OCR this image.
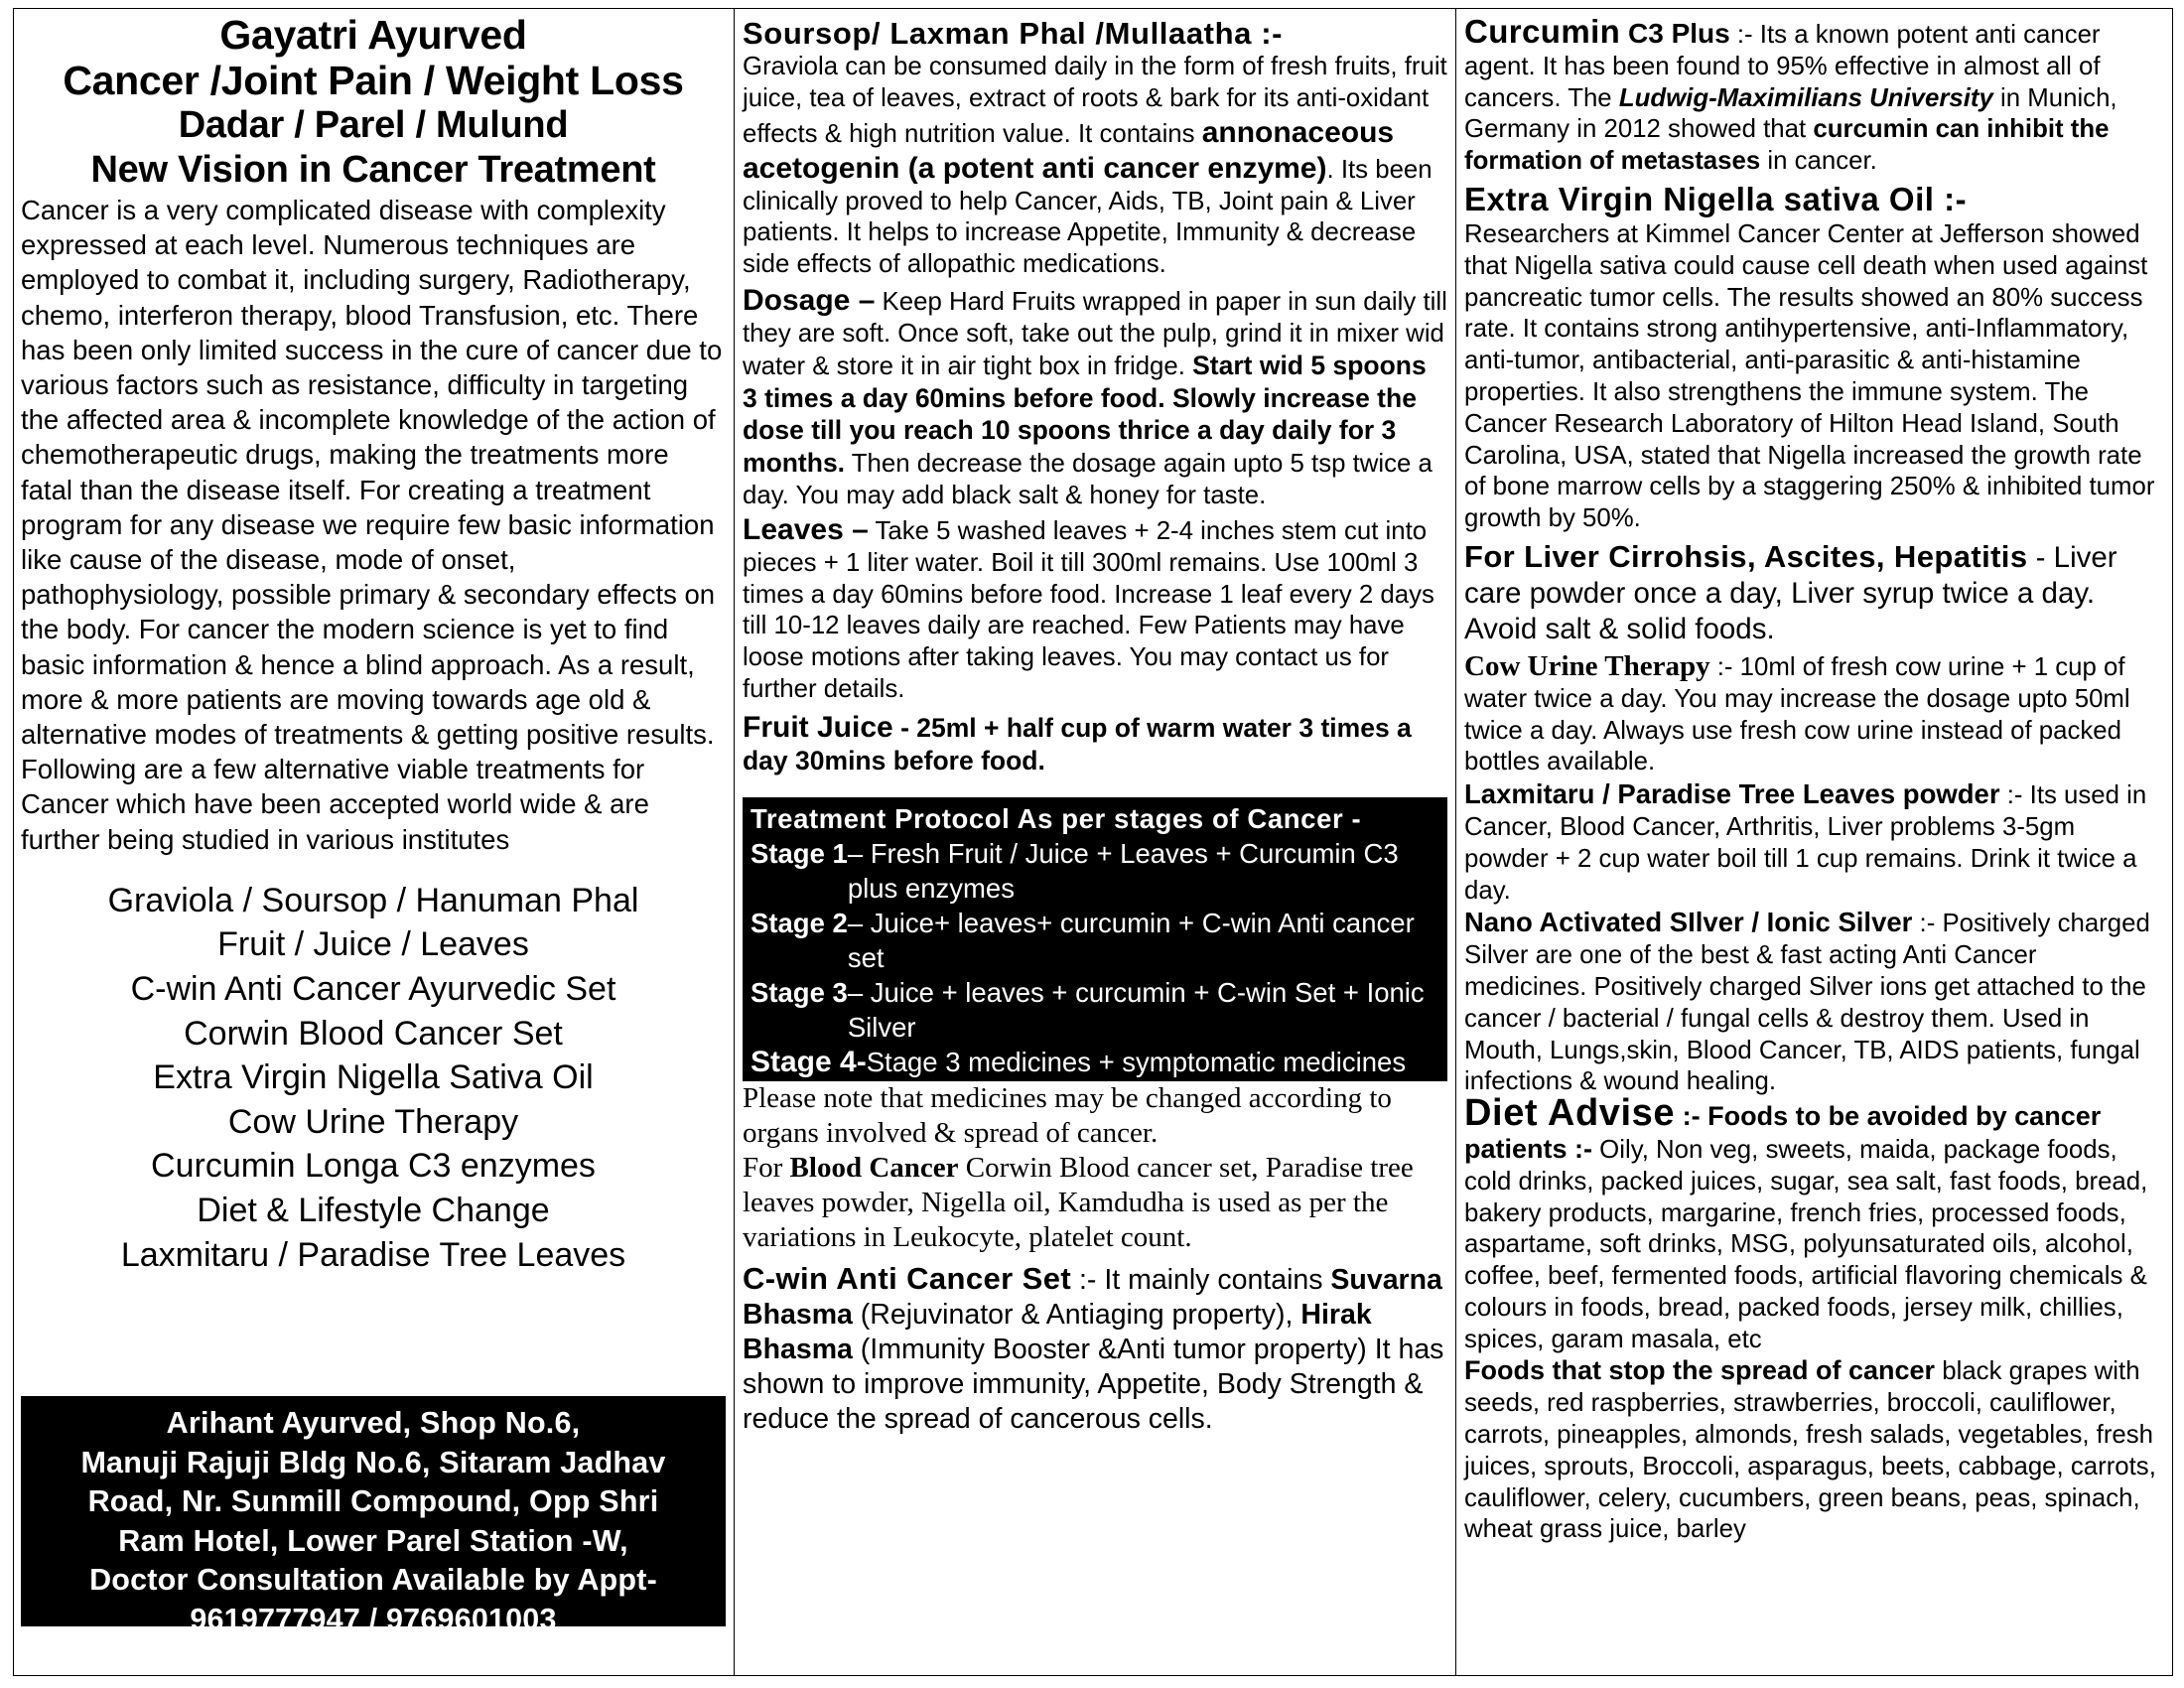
Gayatri Ayurved
Cancer /Joint Pain / Weight Loss
Dadar / Parel / Mulund
New Vision in Cancer Treatment
Cancer is a very complicated disease with complexity expressed at each level. Numerous techniques are employed to combat it, including surgery, Radiotherapy, chemo, interferon therapy, blood Transfusion, etc. There has been only limited success in the cure of cancer due to various factors such as resistance, difficulty in targeting the affected area & incomplete knowledge of the action of chemotherapeutic drugs, making the treatments more fatal than the disease itself. For creating a treatment program for any disease we require few basic information like cause of the disease, mode of onset, pathophysiology, possible primary & secondary effects on the body. For cancer the modern science is yet to find basic information & hence a blind approach. As a result, more & more patients are moving towards age old & alternative modes of treatments & getting positive results. Following are a few alternative viable treatments for Cancer which have been accepted world wide & are further being studied in various institutes
Graviola / Soursop / Hanuman Phal
Fruit / Juice / Leaves
C-win Anti Cancer Ayurvedic Set
Corwin Blood Cancer Set
Extra Virgin Nigella Sativa Oil
Cow Urine Therapy
Curcumin Longa C3 enzymes
Diet & Lifestyle Change
Laxmitaru / Paradise Tree Leaves
Arihant Ayurved, Shop No.6,
Manuji Rajuji Bldg No.6, Sitaram Jadhav
Road, Nr. Sunmill Compound, Opp Shri
Ram Hotel, Lower Parel Station -W,
Doctor Consultation Available by Appt-
9619777947 / 9769601003
Soursop/ Laxman Phal /Mullaatha :-

Graviola can be consumed daily in the form of fresh fruits, fruit juice, tea of leaves, extract of roots & bark for its anti-oxidant effects & high nutrition value. It contains annonaceous acetogenin (a potent anti cancer enzyme). Its been clinically proved to help Cancer, Aids, TB, Joint pain & Liver patients. It helps to increase Appetite, Immunity & decrease side effects of allopathic medications.

Dosage – Keep Hard Fruits wrapped in paper in sun daily till they are soft. Once soft, take out the pulp, grind it in mixer wid water & store it in air tight box in fridge. Start wid 5 spoons 3 times a day 60mins before food. Slowly increase the dose till you reach 10 spoons thrice a day daily for 3 months. Then decrease the dosage again upto 5 tsp twice a day. You may add black salt & honey for taste.

Leaves – Take 5 washed leaves + 2-4 inches stem cut into pieces + 1 liter water. Boil it till 300ml remains. Use 100ml 3 times a day 60mins before food. Increase 1 leaf every 2 days till 10-12 leaves daily are reached. Few Patients may have loose motions after taking leaves. You may contact us for further details.

Fruit Juice - 25ml + half cup of warm water 3 times a day 30mins before food.

Treatment Protocol As per stages of Cancer -
Stage 1 – Fresh Fruit / Juice + Leaves + Curcumin C3 plus enzymes
Stage 2 – Juice+ leaves+ curcumin + C-win Anti cancer set
Stage 3 – Juice + leaves + curcumin + C-win Set + Ionic Silver
Stage 4- Stage 3 medicines + symptomatic medicines

Please note that medicines may be changed according to organs involved & spread of cancer.

For Blood Cancer Corwin Blood cancer set, Paradise tree leaves powder, Nigella oil, Kamdudha is used as per the variations in Leukocyte, platelet count.

C-win Anti Cancer Set :- It mainly contains Suvarna Bhasma (Rejuvinator & Antiaging property), Hirak Bhasma (Immunity Booster &Anti tumor property) It has shown to improve immunity, Appetite, Body Strength & reduce the spread of cancerous cells.

Curcumin C3 Plus :- Its a known potent anti cancer agent. It has been found to 95% effective in almost all of cancers. The Ludwig-Maximilians University in Munich, Germany in 2012 showed that curcumin can inhibit the formation of metastases in cancer.

Extra Virgin Nigella sativa Oil :-

Researchers at Kimmel Cancer Center at Jefferson showed that Nigella sativa could cause cell death when used against pancreatic tumor cells. The results showed an 80% success rate. It contains strong antihypertensive, anti-Inflammatory, anti-tumor, antibacterial, anti-parasitic & anti-histamine properties. It also strengthens the immune system. The Cancer Research Laboratory of Hilton Head Island, South Carolina, USA, stated that Nigella increased the growth rate of bone marrow cells by a staggering 250% & inhibited tumor growth by 50%.

For Liver Cirrohsis, Ascites, Hepatitis - Liver care powder once a day, Liver syrup twice a day. Avoid salt & solid foods.

Cow Urine Therapy :- 10ml of fresh cow urine + 1 cup of water twice a day. You may increase the dosage upto 50ml twice a day. Always use fresh cow urine instead of packed bottles available.

Laxmitaru / Paradise Tree Leaves powder :- Its used in Cancer, Blood Cancer, Arthritis, Liver problems 3-5gm powder + 2 cup water boil till 1 cup remains. Drink it twice a day.

Nano Activated SIlver / Ionic Silver :- Positively charged Silver are one of the best & fast acting Anti Cancer medicines. Positively charged Silver ions get attached to the cancer / bacterial / fungal cells & destroy them. Used in Mouth, Lungs,skin, Blood Cancer, TB, AIDS patients, fungal infections & wound healing.

Diet Advise :- Foods to be avoided by cancer patients :- Oily, Non veg, sweets, maida, package foods, cold drinks, packed juices, sugar, sea salt, fast foods, bread, bakery products, margarine, french fries, processed foods, aspartame, soft drinks, MSG, polyunsaturated oils, alcohol, coffee, beef, fermented foods, artificial flavoring chemicals & colours in foods, bread, packed foods, jersey milk, chillies, spices, garam masala, etc

Foods that stop the spread of cancer black grapes with seeds, red raspberries, strawberries, broccoli, cauliflower, carrots, pineapples, almonds, fresh salads, vegetables, fresh juices, sprouts, Broccoli, asparagus, beets, cabbage, carrots, cauliflower, celery, cucumbers, green beans, peas, spinach, wheat grass juice, barley
